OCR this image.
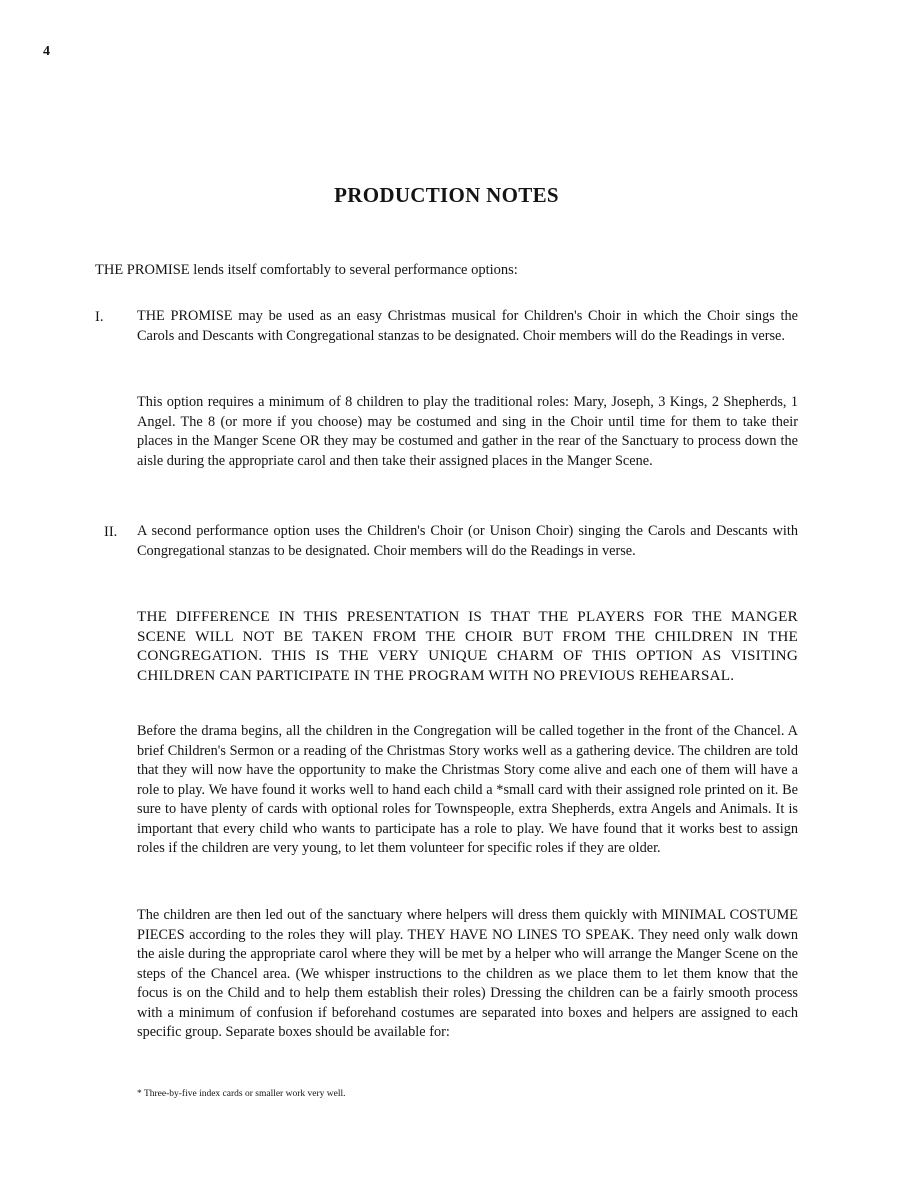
4
PRODUCTION NOTES
THE PROMISE lends itself comfortably to several performance options:
I. THE PROMISE may be used as an easy Christmas musical for Children's Choir in which the Choir sings the Carols and Descants with Congregational stanzas to be designated. Choir members will do the Readings in verse.
This option requires a minimum of 8 children to play the traditional roles: Mary, Joseph, 3 Kings, 2 Shepherds, 1 Angel. The 8 (or more if you choose) may be costumed and sing in the Choir until time for them to take their places in the Manger Scene OR they may be costumed and gather in the rear of the Sanctuary to process down the aisle during the appropriate carol and then take their assigned places in the Manger Scene.
II. A second performance option uses the Children's Choir (or Unison Choir) singing the Carols and Descants with Congregational stanzas to be designated. Choir members will do the Readings in verse.
THE DIFFERENCE IN THIS PRESENTATION IS THAT THE PLAYERS FOR THE MANGER SCENE WILL NOT BE TAKEN FROM THE CHOIR BUT FROM THE CHILDREN IN THE CONGREGATION. THIS IS THE VERY UNIQUE CHARM OF THIS OPTION AS VISITING CHILDREN CAN PARTICIPATE IN THE PROGRAM WITH NO PREVIOUS REHEARSAL.
Before the drama begins, all the children in the Congregation will be called together in the front of the Chancel. A brief Children's Sermon or a reading of the Christmas Story works well as a gathering device. The children are told that they will now have the opportunity to make the Christmas Story come alive and each one of them will have a role to play. We have found it works well to hand each child a *small card with their assigned role printed on it. Be sure to have plenty of cards with optional roles for Townspeople, extra Shepherds, extra Angels and Animals. It is important that every child who wants to participate has a role to play. We have found that it works best to assign roles if the children are very young, to let them volunteer for specific roles if they are older.
The children are then led out of the sanctuary where helpers will dress them quickly with MINIMAL COSTUME PIECES according to the roles they will play. THEY HAVE NO LINES TO SPEAK. They need only walk down the aisle during the appropriate carol where they will be met by a helper who will arrange the Manger Scene on the steps of the Chancel area. (We whisper instructions to the children as we place them to let them know that the focus is on the Child and to help them establish their roles) Dressing the children can be a fairly smooth process with a minimum of confusion if beforehand costumes are separated into boxes and helpers are assigned to each specific group. Separate boxes should be available for:
* Three-by-five index cards or smaller work very well.
